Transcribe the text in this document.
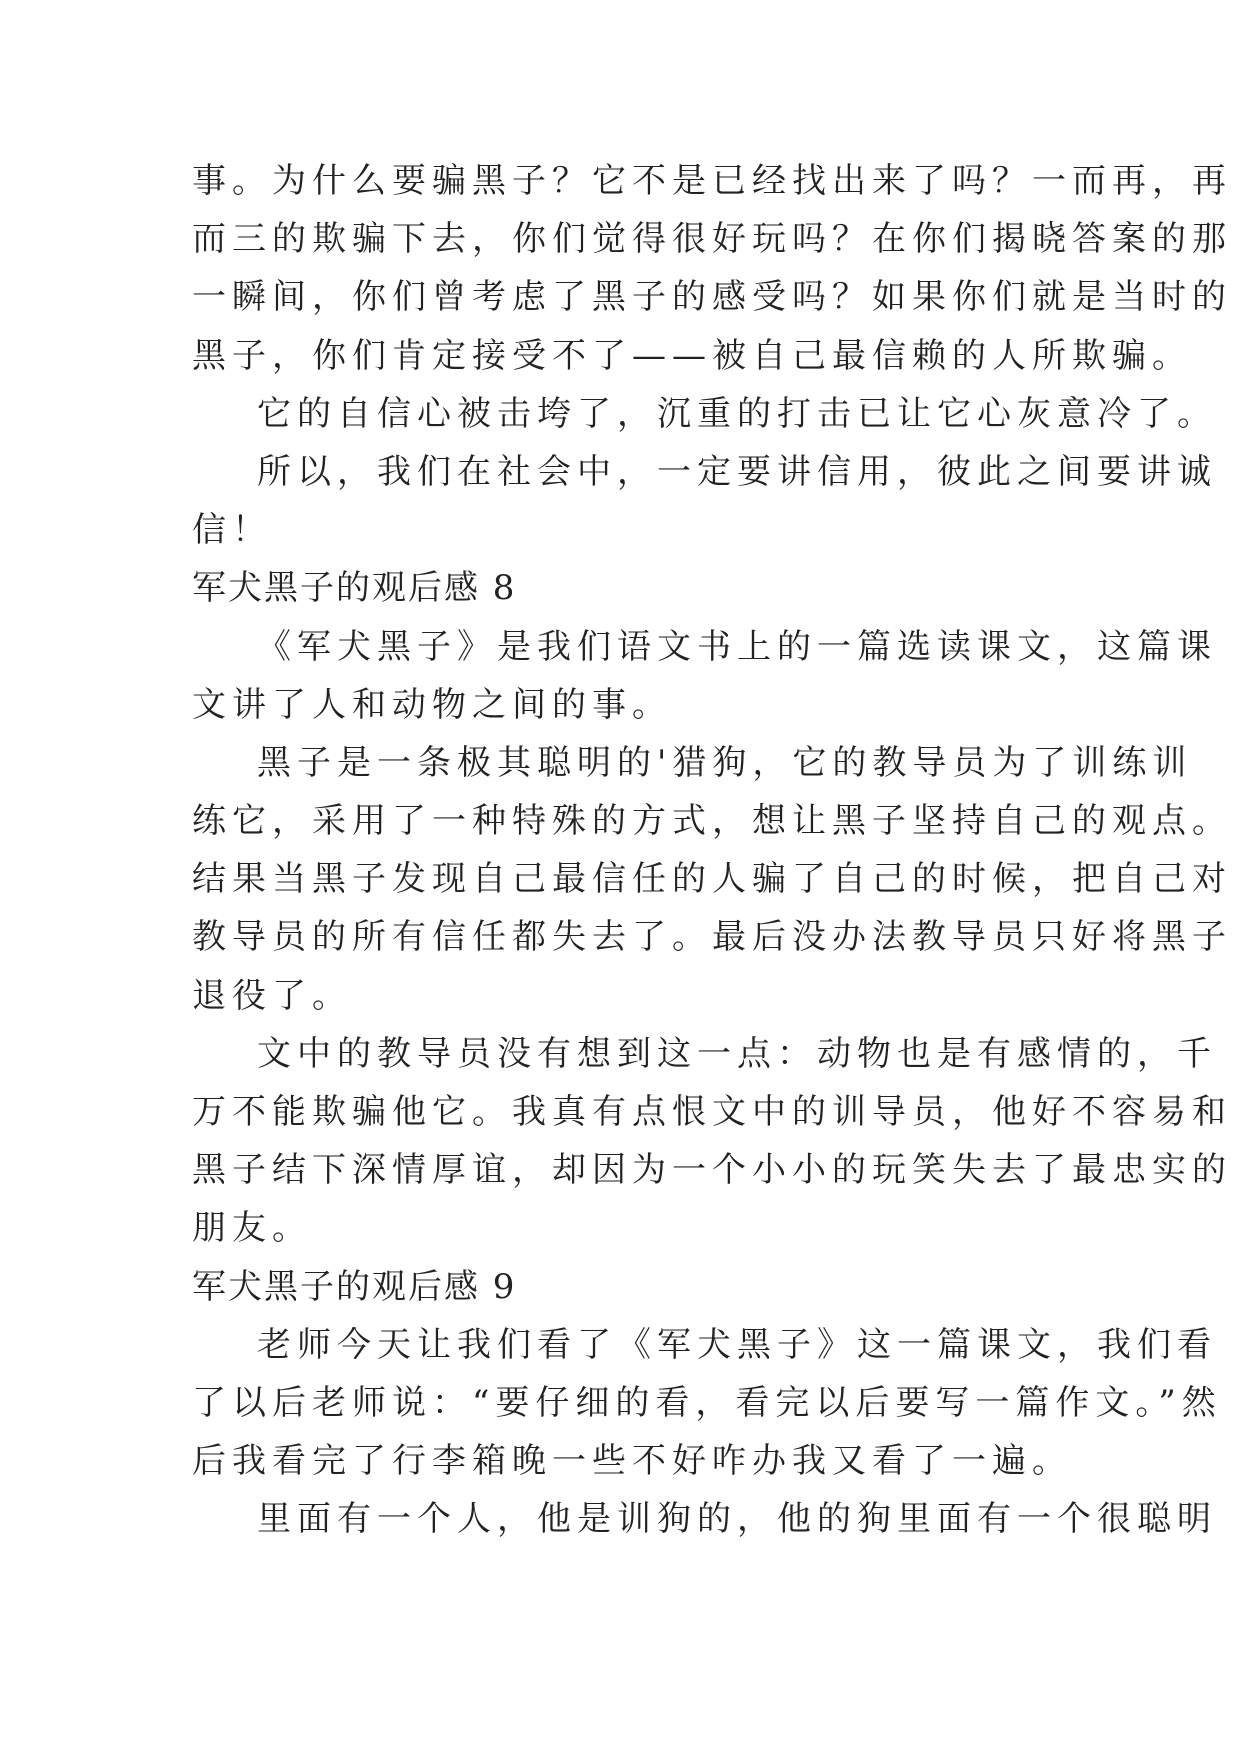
事。为什么要骗黑子？它不是已经找出来了吗？一而再，再

而三的欺骗下去，你们觉得很好玩吗？在你们揭晓答案的那

一瞬间，你们曾考虑了黑子的感受吗？如果你们就是当时的

黑子，你们肯定接受不了——被自己最信赖的人所欺骗。

它的自信心被击垮了，沉重的打击已让它心灰意冷了。

所以，我们在社会中，一定要讲信用，彼此之间要讲诚

信！

军犬黑子的观后感 8

《军犬黑子》是我们语文书上的一篇选读课文，这篇课

文讲了人和动物之间的事。

黑子是一条极其聪明的'猎狗，它的教导员为了训练训

练它，采用了一种特殊的方式，想让黑子坚持自己的观点。

结果当黑子发现自己最信任的人骗了自己的时候，把自己对

教导员的所有信任都失去了。最后没办法教导员只好将黑子

退役了。

文中的教导员没有想到这一点：动物也是有感情的，千

万不能欺骗他它。我真有点恨文中的训导员，他好不容易和

黑子结下深情厚谊，却因为一个小小的玩笑失去了最忠实的

朋友。

军犬黑子的观后感 9

老师今天让我们看了《军犬黑子》这一篇课文，我们看

了以后老师说：“要仔细的看，看完以后要写一篇作文。”然

后我看完了行李箱晚一些不好咋办我又看了一遍。

里面有一个人，他是训狗的，他的狗里面有一个很聪明
